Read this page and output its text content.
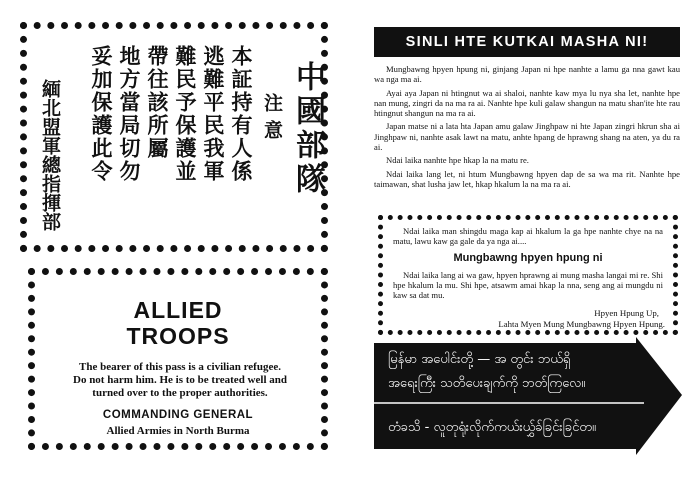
緬北盟軍總指揮部	本証持有人係
逃難平民我軍
難民予保護並
帶往該所屬
地方當局切勿
妥加保護此令	注意 中國部隊
ALLIED
TROOPS
The bearer of this pass is a civilian refugee.
Do not harm him. He is to be treated well and
turned over to the proper authorities.
COMMANDING GENERAL
Allied Armies in North Burma
SINLI HTE KUTKAI MASHA NI!

Mungbawng hpyen hpung ni, ginjang Japan ni hpe nanhte a lamu ga nna gawt kau wa nga ma ai.

Ayai aya Japan ni htingnut wa ai shaloi, nanhte kaw mya lu nya sha let, nanhte hpe nan mung, zingri da na ma ra ai. Nanhte hpe kuli galaw shangun na matu shan'ite hte rau htingnut shangun na ma ra ai.

Japan matse ni a lata hta Japan amu galaw Jinghpaw ni hte Japan zingri hkrun sha ai Jinghpaw ni, nanhte asak lawt na matu, anhte hpang de hprawng shang na aten, ya du ra ai.

Ndai laika nanhte hpe hkap la na matu re.

Ndai laika lang let, ni htum Mungbawng hpyen dap de sa wa ma rit. Nanhte hpe taimawan, shat lusha jaw let, hkap hkalum la na ma ra ai.

Ndai laika man shingdu maga kap ai hkalum la ga hpe nanhte chye na na matu, lawu kaw ga gale da ya nga ai....
Mungbawng hpyen hpung ni
Ndai laika lang ai wa gaw, hpyen hprawng ai mung masha langai mi re. Shi hpe hkalum la mu. Shi hpe, atsawm amai hkap la nna, seng ang ai mungdu ni kaw sa dat mu.
Hpyen Hpung Up,
Lahta Myen Mung Mungbawng Hpyen Hpung.
မြန်မာ အပေါင်းတို့ — အ တွင်း ဘယ်ရှိ
အရေးကြီး သတိပေးချက်ကို ဘတ်ကြလေ။
တံခသိ - လူတုရုံးလိုက်ကယ်းယွှ်ခ်ခြင်းခြင်တ။
